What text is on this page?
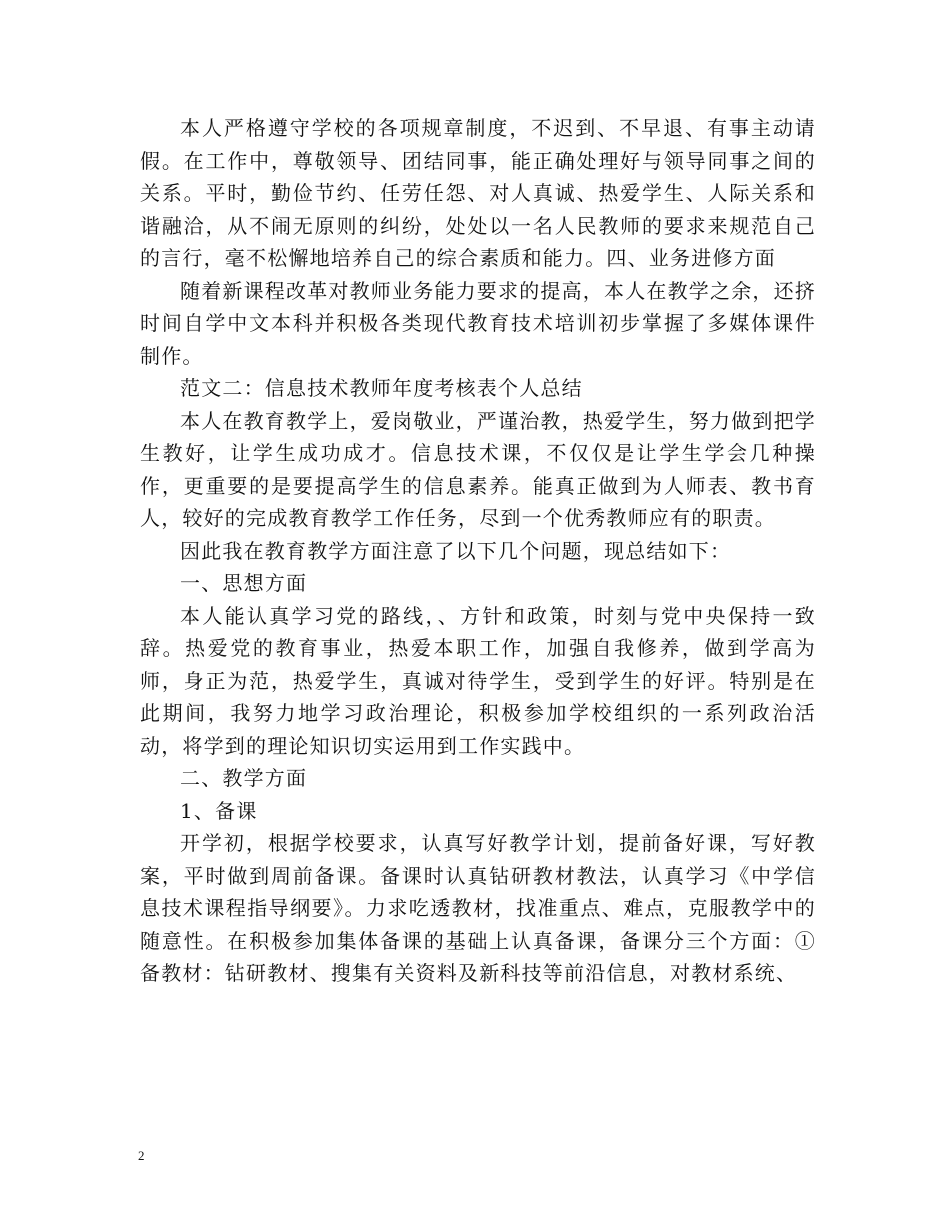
本人严格遵守学校的各项规章制度，不迟到、不早退、有事主动请假。在工作中，尊敬领导、团结同事，能正确处理好与领导同事之间的关系。平时，勤俭节约、任劳任怨、对人真诚、热爱学生、人际关系和谐融洽，从不闹无原则的纠纷，处处以一名人民教师的要求来规范自己的言行，毫不松懈地培养自己的综合素质和能力。四、业务进修方面

随着新课程改革对教师业务能力要求的提高，本人在教学之余，还挤时间自学中文本科并积极各类现代教育技术培训初步掌握了多媒体课件制作。

范文二：信息技术教师年度考核表个人总结

本人在教育教学上，爱岗敬业，严谨治教，热爱学生，努力做到把学生教好，让学生成功成才。信息技术课，不仅仅是让学生学会几种操作，更重要的是要提高学生的信息素养。能真正做到为人师表、教书育人，较好的完成教育教学工作任务，尽到一个优秀教师应有的职责。

因此我在教育教学方面注意了以下几个问题，现总结如下：

一、思想方面

本人能认真学习党的路线，、方针和政策，时刻与党中央保持一致辞。热爱党的教育事业，热爱本职工作，加强自我修养，做到学高为师，身正为范，热爱学生，真诚对待学生，受到学生的好评。特别是在此期间，我努力地学习政治理论，积极参加学校组织的一系列政治活动，将学到的理论知识切实运用到工作实践中。

二、教学方面

1、备课

开学初，根据学校要求，认真写好教学计划，提前备好课，写好教案，平时做到周前备课。备课时认真钻研教材教法，认真学习《中学信息技术课程指导纲要》。力求吃透教材，找准重点、难点，克服教学中的随意性。在积极参加集体备课的基础上认真备课，备课分三个方面：①备教材：钻研教材、搜集有关资料及新科技等前沿信息，对教材系统、

2
